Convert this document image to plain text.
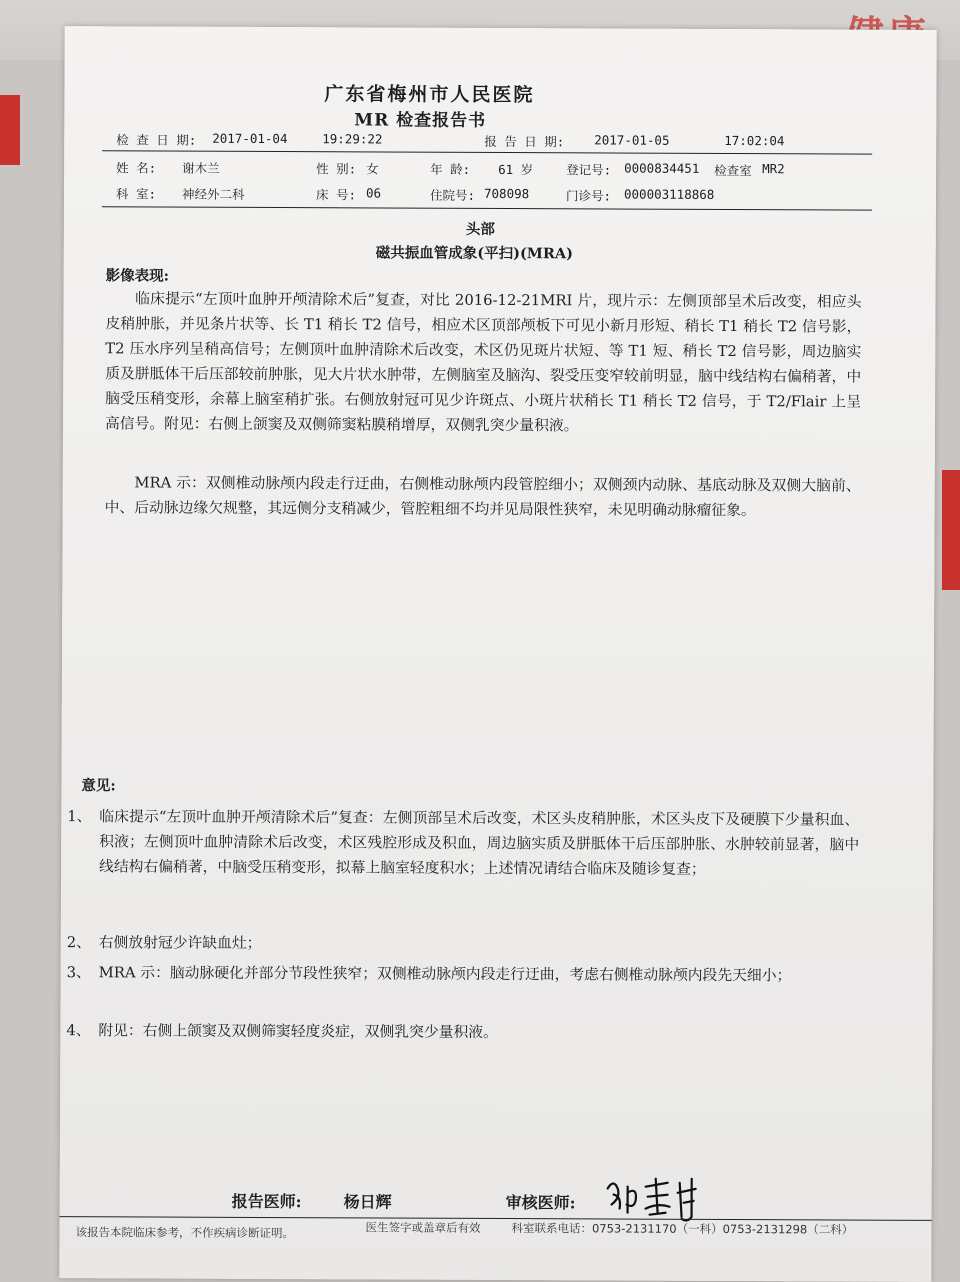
广东省梅州市人民医院
MR 检查报告书
检 查 日 期: 2017-01-04	19:29:22	报 告 日 期: 2017-01-05	17:02:04
姓 名: 谢木兰	性 别: 女	年 龄: 61 岁	登记号: 0000834451 检查室 MR2
科 室: 神经外二科	床 号: 06	住院号: 708098	门诊号: 000003118868
头部
磁共振血管成象(平扫)(MRA)
影像表现:

临床提示“左顶叶血肿开颅清除术后”复查，对比 2016-12-21MRI 片，现片示：左侧顶部呈术后改变，相应头皮稍肿胀，并见条片状等、长 T1 稍长 T2 信号，相应术区顶部颅板下可见小新月形短、稍长 T1 稍长 T2 信号影，T2 压水序列呈稍高信号；左侧顶叶血肿清除术后改变，术区仍见斑片状短、等 T1 短、稍长 T2 信号影，周边脑实质及胼胝体干后压部较前肿胀，见大片状水肿带，左侧脑室及脑沟、裂受压变窄较前明显，脑中线结构右偏稍著，中脑受压稍变形，余幕上脑室稍扩张。右侧放射冠可见少许斑点、小斑片状稍长 T1 稍长 T2 信号，于 T2/Flair 上呈高信号。附见：右侧上颌窦及双侧筛窦粘膜稍增厚，双侧乳突少量积液。

MRA 示：双侧椎动脉颅内段走行迂曲，右侧椎动脉颅内段管腔细小；双侧颈内动脉、基底动脉及双侧大脑前、中、后动脉边缘欠规整，其远侧分支稍减少，管腔粗细不均并见局限性狭窄，未见明确动脉瘤征象。

意见:
1、 临床提示“左顶叶血肿开颅清除术后”复查：左侧顶部呈术后改变，术区头皮稍肿胀，术区头皮下及硬膜下少量积血、积液；左侧顶叶血肿清除术后改变，术区残腔形成及积血，周边脑实质及胼胝体干后压部肿胀、水肿较前显著，脑中线结构右偏稍著，中脑受压稍变形，拟幕上脑室轻度积水；上述情况请结合临床及随诊复查；
2、 右侧放射冠少许缺血灶；
3、 MRA 示：脑动脉硬化并部分节段性狭窄；双侧椎动脉颅内段走行迂曲，考虑右侧椎动脉颅内段先天细小；
4、 附见：右侧上颌窦及双侧筛窦轻度炎症，双侧乳突少量积液。
报告医师:	杨日辉	审核医师:
该报告本院临床参考，不作疾病诊断证明。	医生签字或盖章后有效	科室联系电话：0753-2131170（一科）0753-2131298（二科）
